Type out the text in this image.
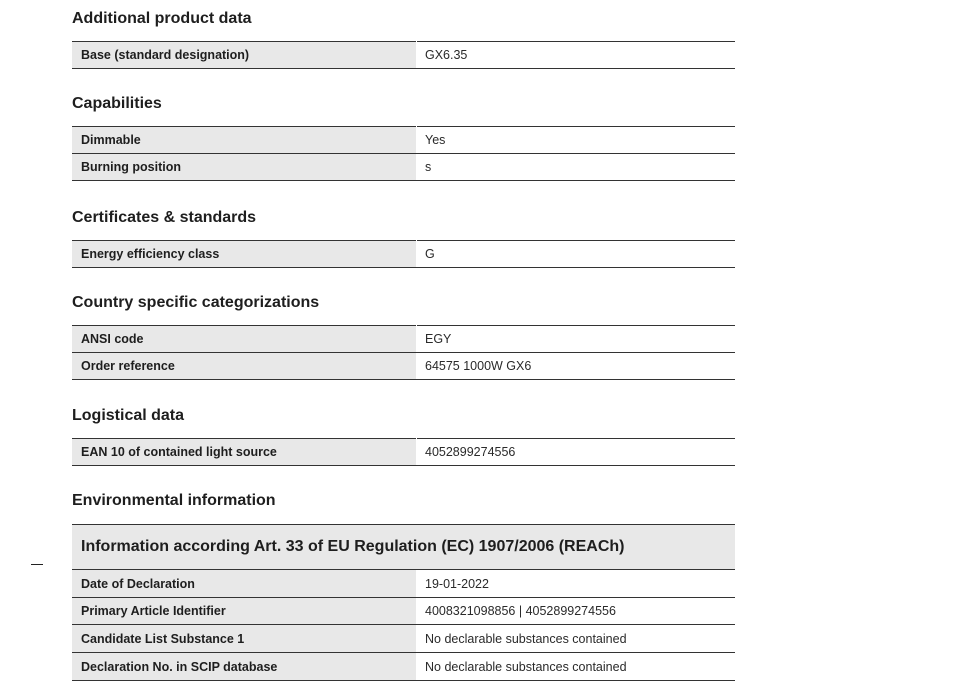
Additional product data
Base (standard designation)	GX6.35
Capabilities
Dimmable	Yes
Burning position	s
Certificates & standards
Energy efficiency class	G
Country specific categorizations
ANSI code	EGY
Order reference	64575 1000W GX6
Logistical data
EAN 10 of contained light source	4052899274556
Environmental information
Information according Art. 33 of EU Regulation (EC) 1907/2006 (REACh)
Date of Declaration	19-01-2022
Primary Article Identifier	4008321098856 | 4052899274556
Candidate List Substance 1	No declarable substances contained
Declaration No. in SCIP database	No declarable substances contained
